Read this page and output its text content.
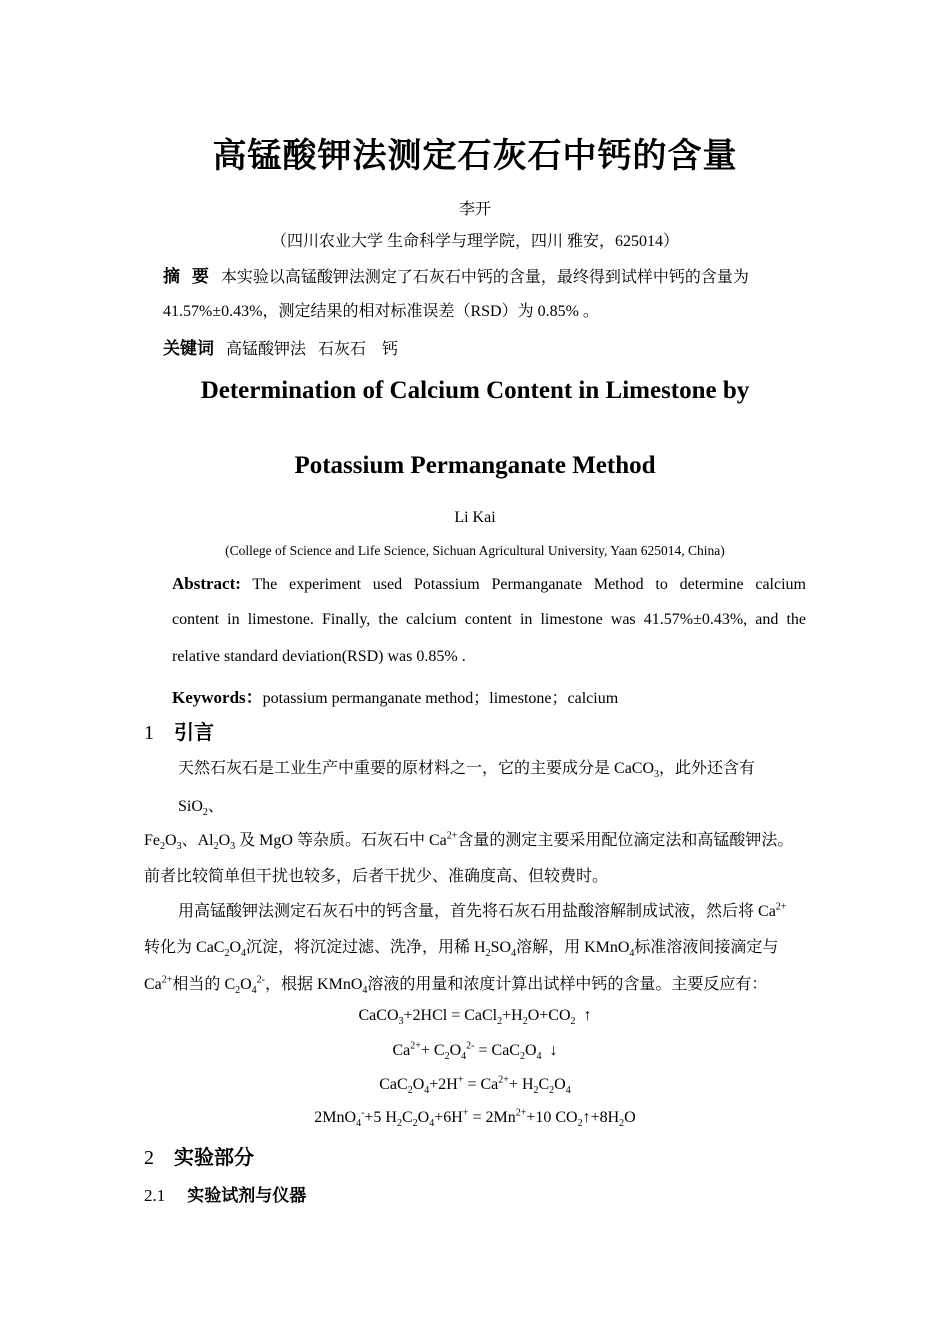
高锰酸钾法测定石灰石中钙的含量
李开
（四川农业大学 生命科学与理学院，四川 雅安，625014）
摘  要 本实验以高锰酸钾法测定了石灰石中钙的含量，最终得到试样中钙的含量为
41.57%±0.43%，测定结果的相对标准误差（RSD）为 0.85% 。
关键词 高锰酸钾法   石灰石    钙
Determination of Calcium Content in Limestone by
Potassium Permanganate Method
Li Kai
(College of Science and Life Science, Sichuan Agricultural University, Yaan 625014, China)
Abstract: The experiment used Potassium Permanganate Method to determine calcium
content in limestone. Finally, the calcium content in limestone was 41.57%±0.43%, and the
relative standard deviation(RSD) was 0.85% .
Keywords：potassium permanganate method；limestone；calcium
1 引言
天然石灰石是工业生产中重要的原材料之一，它的主要成分是 CaCO$_3$，此外还含有
SiO$_2$、
$Fe_2O_3$、$Al_2O_3$ 及 MgO 等杂质。石灰石中 $Ca^{2+}$含量的测定主要采用配位滴定法和高锰酸钾法。
前者比较简单但干扰也较多，后者干扰少、准确度高、但较费时。
用高锰酸钾法测定石灰石中的钙含量，首先将石灰石用盐酸溶解制成试液，然后将 $Ca^{2+}$
转化为 $CaC_2O_4$沉淀，将沉淀过滤、洗净，用稀 $H_2SO_4$溶解，用 KMnO$_4$标准溶液间接滴定与
$Ca^{2+}$相当的 $C_2O_4^{2-}$，根据 KMnO$_4$溶液的用量和浓度计算出试样中钙的含量。主要反应有：
CaCO$_3$+2HCl = $CaCl_2+H_2O+CO_2$  ↑
$Ca^{2+}+ C_2O_4^{2-} = CaC_2O_4$  ↓
$CaC_2O_4+2H^+ = Ca^{2+}+ H_2C_2O_4$
2MnO$_4$-+5 $H_2C_2O_4+6H^+ = 2Mn^{2+}+10$ $CO_2↑+8H_2O$
2 实验部分
2.1 实验试剂与仪器
